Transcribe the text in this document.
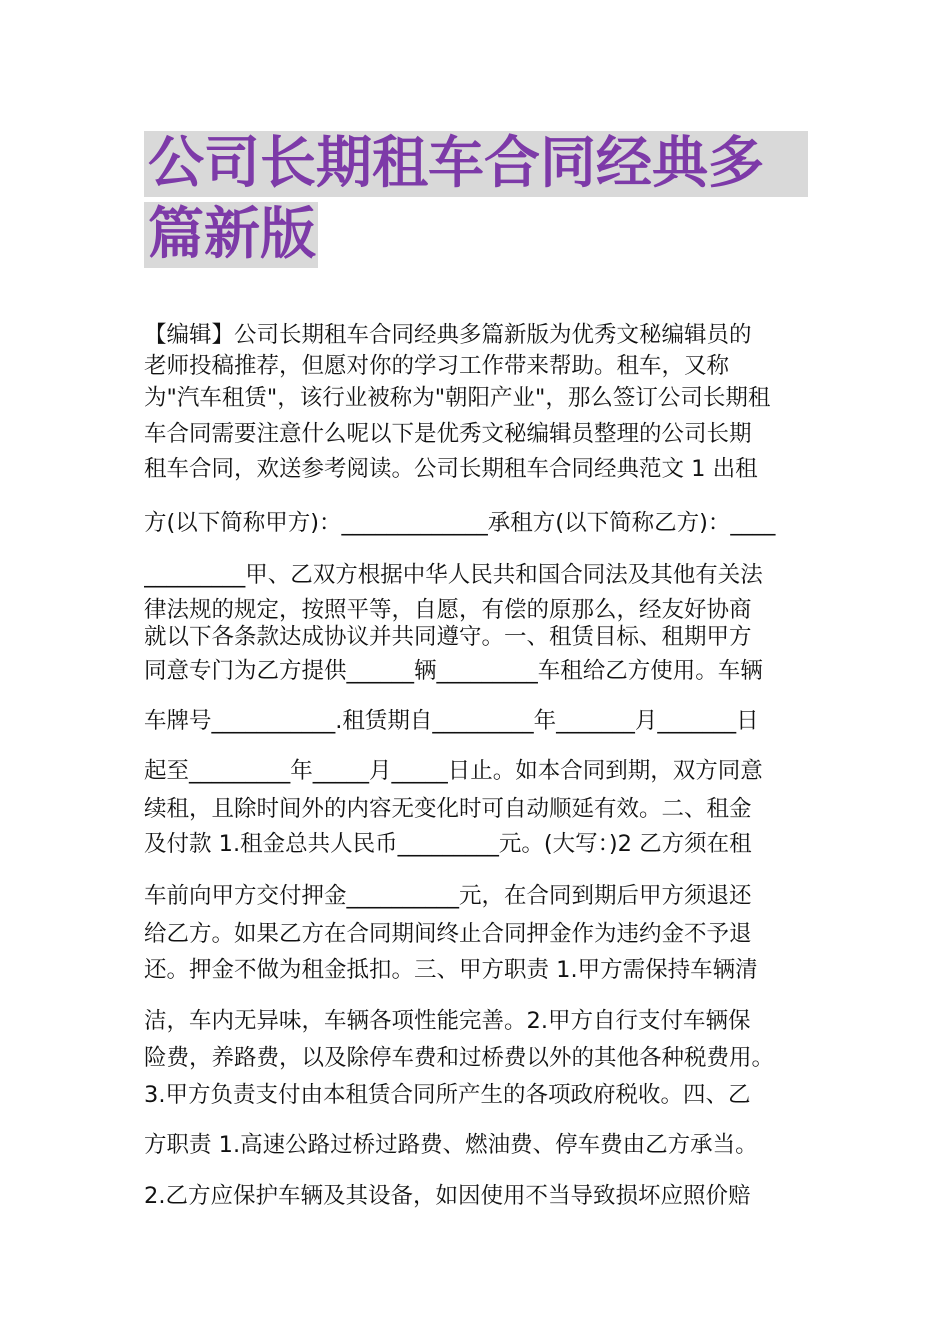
公司长期租车合同经典多
篇新版
【编辑】公司长期租车合同经典多篇新版为优秀文秘编辑员的
老师投稿推荐，但愿对你的学习工作带来帮助。租车，又称
为"汽车租赁"，该行业被称为"朝阳产业"，那么签订公司长期租
车合同需要注意什么呢以下是优秀文秘编辑员整理的公司长期
租车合同，欢送参考阅读。公司长期租车合同经典范文 1 出租
方(以下简称甲方)：_____________承租方(以下简称乙方)：____
_________甲、乙双方根据中华人民共和国合同法及其他有关法
律法规的规定，按照平等，自愿，有偿的原那么，经友好协商
就以下各条款达成协议并共同遵守。一、租赁目标、租期甲方
同意专门为乙方提供______辆_________车租给乙方使用。车辆
车牌号___________.租赁期自_________年_______月_______日
起至_________年_____月_____日止。如本合同到期，双方同意
续租，且除时间外的内容无变化时可自动顺延有效。二、租金
及付款 1.租金总共人民币_________元。(大写：)2 乙方须在租
车前向甲方交付押金__________元，在合同到期后甲方须退还
给乙方。如果乙方在合同期间终止合同押金作为违约金不予退
还。押金不做为租金抵扣。三、甲方职责 1.甲方需保持车辆清
洁，车内无异味，车辆各项性能完善。2.甲方自行支付车辆保
险费，养路费，以及除停车费和过桥费以外的其他各种税费用。
3.甲方负责支付由本租赁合同所产生的各项政府税收。四、乙
方职责 1.高速公路过桥过路费、燃油费、停车费由乙方承当。
2.乙方应保护车辆及其设备，如因使用不当导致损坏应照价赔
